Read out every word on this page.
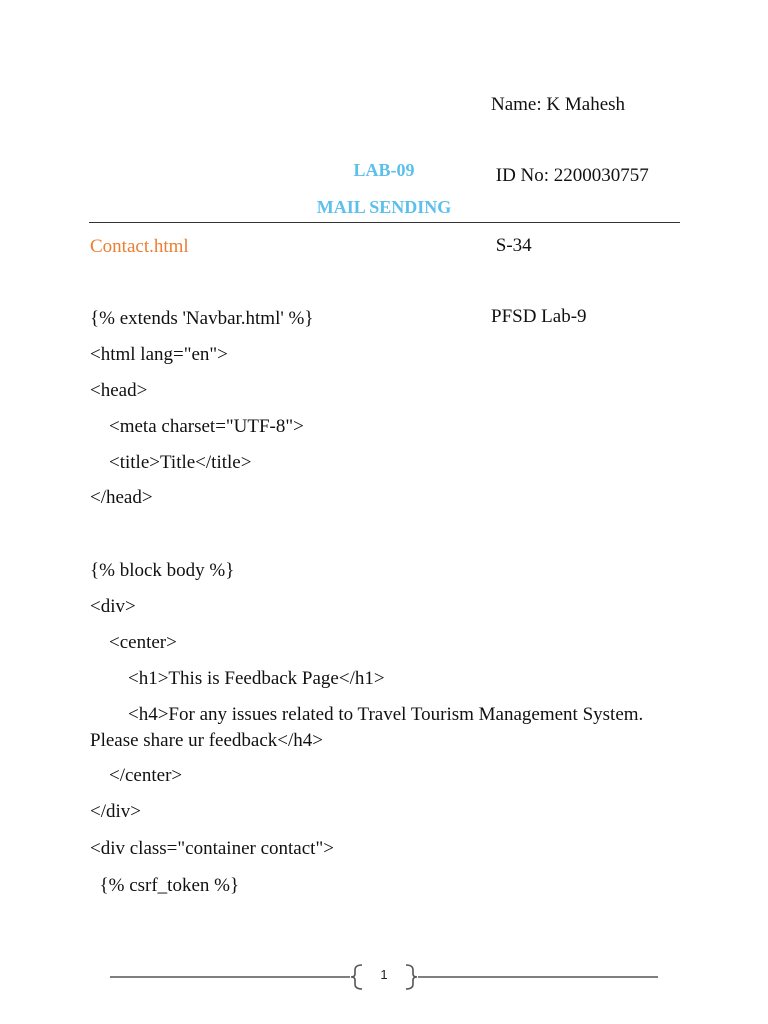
Name: K Mahesh

ID No: 2200030757

S-34

PFSD Lab-9

LAB-09
MAIL SENDING
Contact.html
{% extends 'Navbar.html' %}
<html lang="en">
<head>
<meta charset="UTF-8">
<title>Title</title>
</head>
{% block body %}
<div>
<center>
<h1>This is Feedback Page</h1>
<h4>For any issues related to Travel Tourism Management System. Please share ur feedback</h4>
</center>
</div>
<div class="container contact">
{% csrf_token %}
1
